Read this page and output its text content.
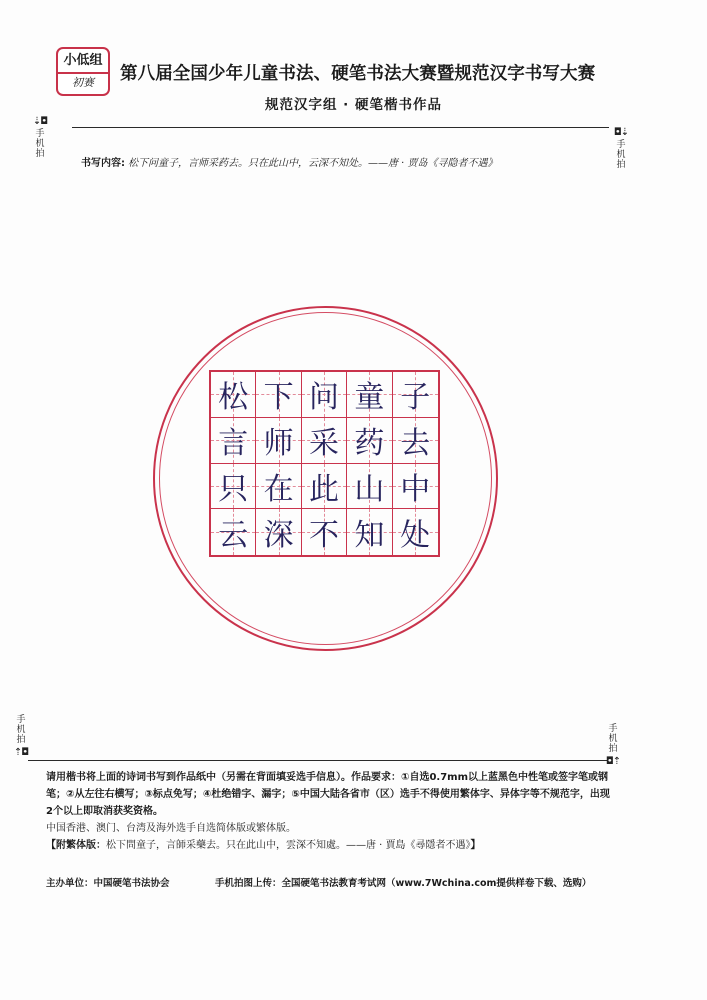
小低组
初赛	第八届全国少年儿童书法、硬笔书法大赛暨规范汉字书写大赛
规范汉字组 · 硬笔楷书作品
⇣◘
手机拍
◘⇣
手机拍
手机拍
⇡◘
手机拍
◘⇡
书写内容: 松下问童子，言师采药去。只在此山中，云深不知处。——唐 · 贾岛《寻隐者不遇》
松 下 问 童 子
言 师 采 药 去
只 在 此 山 中
云 深 不 知 处

请用楷书将上面的诗词书写到作品纸中（另需在背面填妥选手信息）。作品要求：①自选0.7mm以上蓝黑色中性笔或签字笔或钢笔；②从左往右横写；③标点免写；④杜绝错字、漏字；⑤中国大陆各省市（区）选手不得使用繁体字、异体字等不规范字，出现2个以上即取消获奖资格。

中国香港、澳门、台湾及海外选手自选简体版或繁体版。

【附繁体版：松下問童子，言師采藥去。只在此山中，雲深不知處。——唐 · 賈島《尋隱者不遇》】

主办单位：中国硬笔书法协会	手机拍图上传：全国硬笔书法教育考试网（www.7Wchina.com提供样卷下载、选购）
